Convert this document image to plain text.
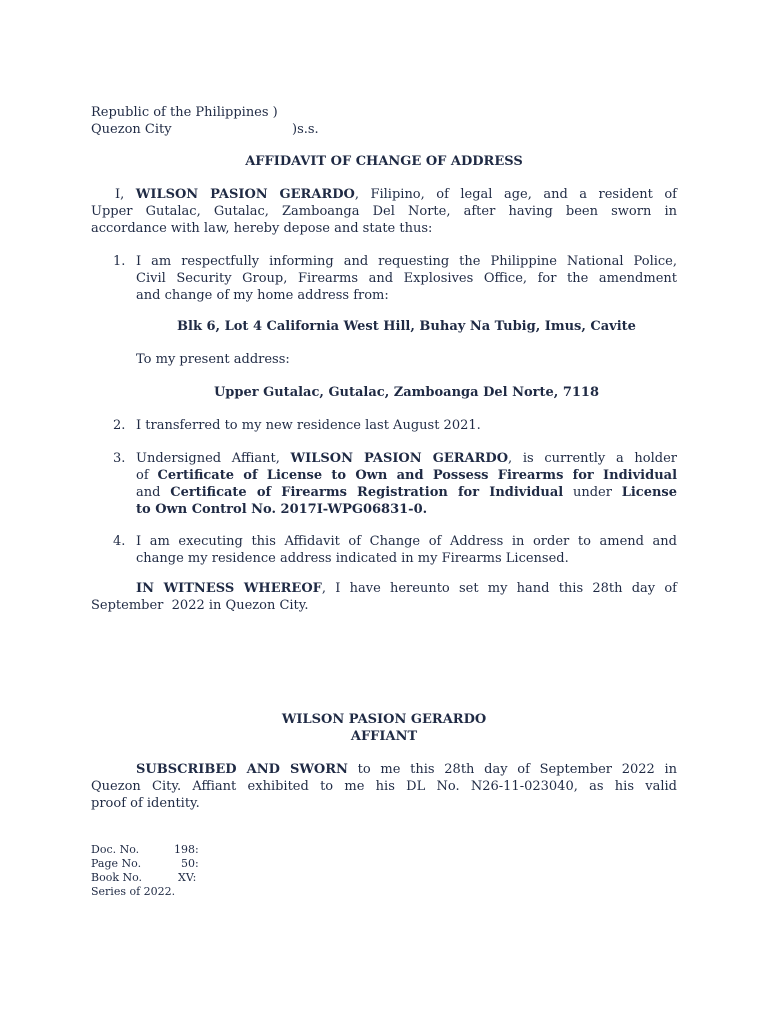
Republic of the Philippines )
Quezon City	)s.s.
AFFIDAVIT OF CHANGE OF ADDRESS
I, WILSON PASION GERARDO, Filipino, of legal age, and a resident of
Upper Gutalac, Gutalac, Zamboanga Del Norte, after having been sworn in
accordance with law, hereby depose and state thus:
1. I am respectfully informing and requesting the Philippine National Police,
Civil Security Group, Firearms and Explosives Office, for the amendment
and change of my home address from:
Blk 6, Lot 4 California West Hill, Buhay Na Tubig, Imus, Cavite
To my present address:
Upper Gutalac, Gutalac, Zamboanga Del Norte, 7118
2. I transferred to my new residence last August 2021.
3. Undersigned Affiant, WILSON PASION GERARDO, is currently a holder
of Certificate of License to Own and Possess Firearms for Individual
and Certificate of Firearms Registration for Individual under License
to Own Control No. 2017I-WPG06831-0.
4. I am executing this Affidavit of Change of Address in order to amend and
change my residence address indicated in my Firearms Licensed.
IN WITNESS WHEREOF, I have hereunto set my hand this 28th day of
September  2022 in Quezon City.
WILSON PASION GERARDO
AFFIANT
SUBSCRIBED AND SWORN to me this 28th day of September 2022 in
Quezon City. Affiant exhibited to me his DL No. N26-11-023040, as his valid
proof of identity.
Doc. No.	198:
Page No.	50:
Book No.	XV:
Series of 2022.
